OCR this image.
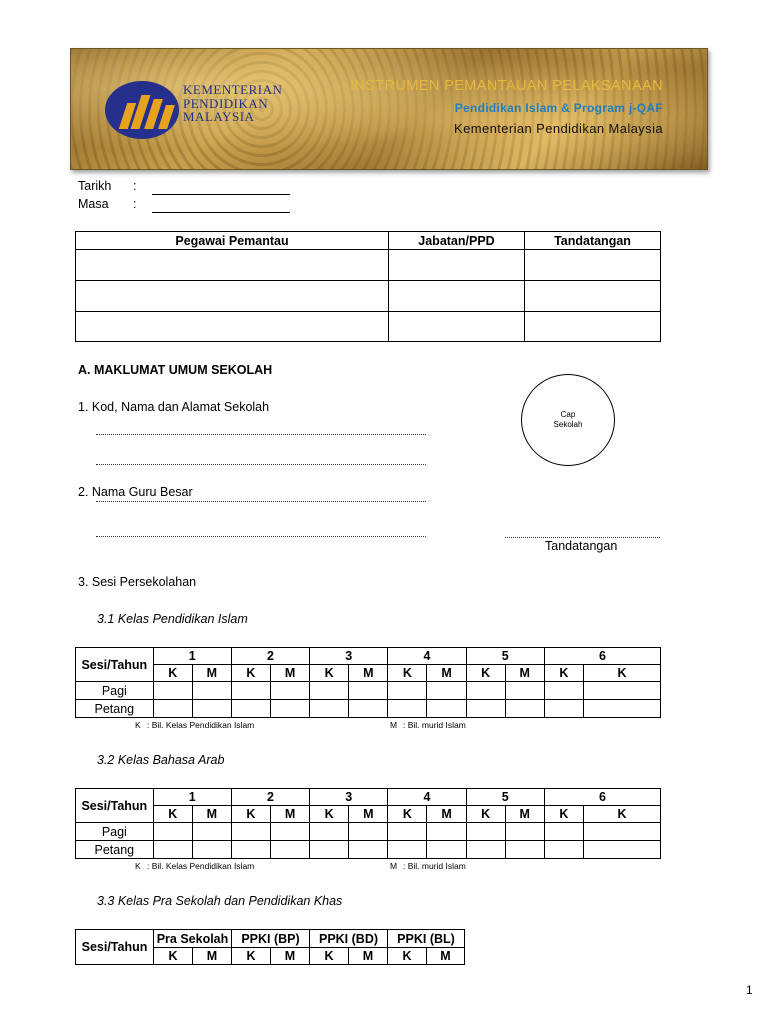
KEMENTERIAN
PENDIDIKAN
MALAYSIA
INSTRUMEN PEMANTAUAN PELAKSANAAN
Pendidikan Islam & Program j-QAF
Kementerian Pendidikan Malaysia
Tarikh :
Masa :
Pegawai Pemantau	Jabatan/PPD	Tandatangan

A. MAKLUMAT UMUM SEKOLAH
1. Kod, Nama dan Alamat Sekolah
2. Nama Guru Besar
Cap
Sekolah
Tandatangan
3. Sesi Persekolahan
3.1 Kelas Pendidikan Islam
Sesi/Tahun	1		2		3		4		5		6	
	K	M	K	M	K	M	K	M	K	M	K	K
Pagi												
Petang												
K : Bil. Kelas Pendidikan Islam	M : Bil. murid Islam
3.2 Kelas Bahasa Arab
Sesi/Tahun	1		2		3		4		5		6	
	K	M	K	M	K	M	K	M	K	M	K	K
Pagi												
Petang												
K : Bil. Kelas Pendidikan Islam	M : Bil. murid Islam
3.3 Kelas Pra Sekolah dan Pendidikan Khas
Sesi/Tahun	Pra Sekolah		PPKI (BP)		PPKI (BD)		PPKI (BL)	
	K	M	K	M	K	M	K	M
1
